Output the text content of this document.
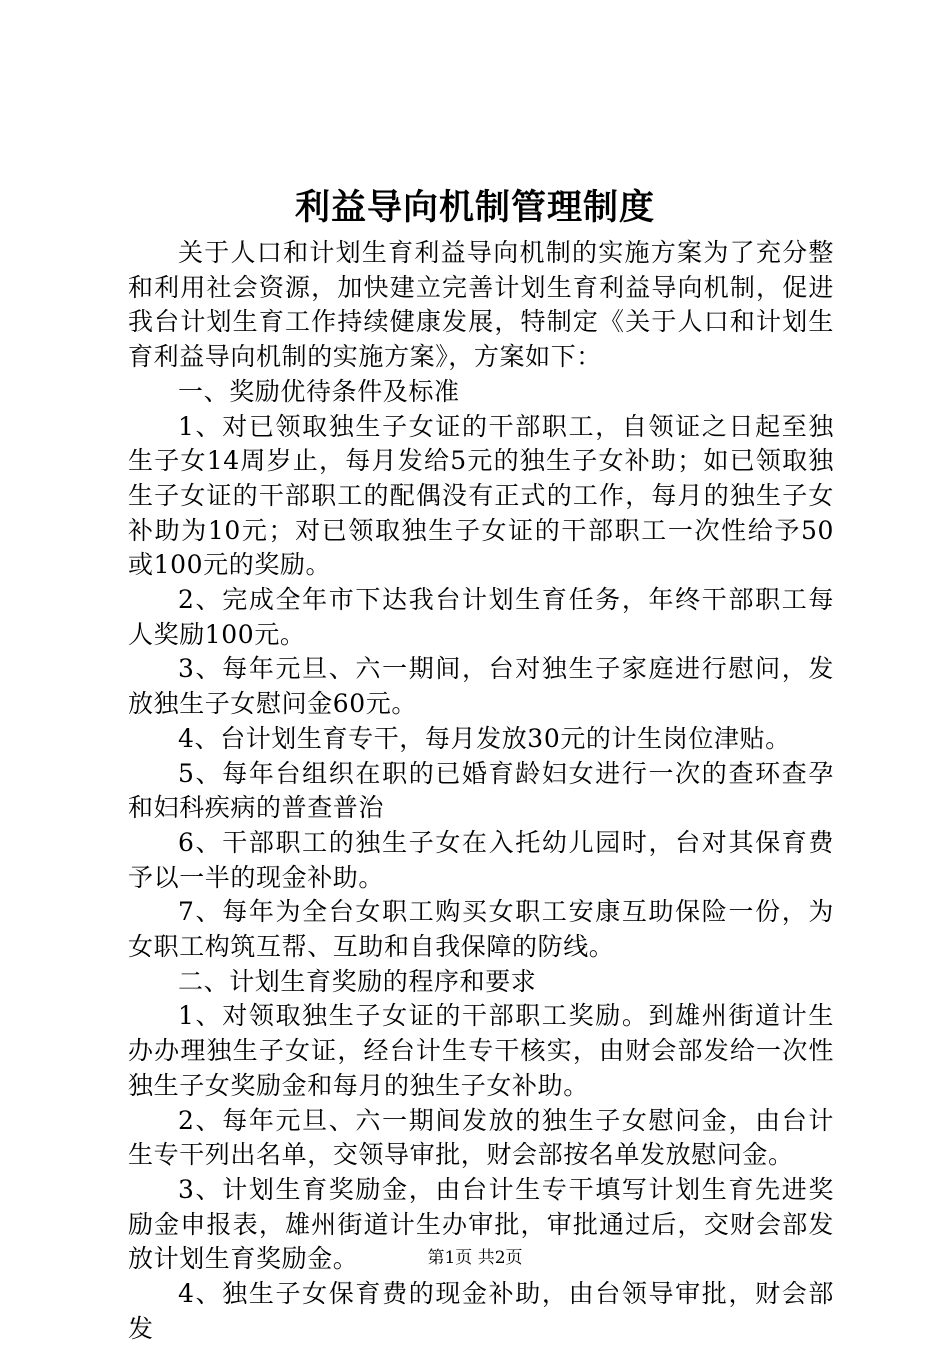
利益导向机制管理制度

关于人口和计划生育利益导向机制的实施方案为了充分整和利用社会资源，加快建立完善计划生育利益导向机制，促进我台计划生育工作持续健康发展，特制定《关于人口和计划生育利益导向机制的实施方案》，方案如下：

一、奖励优待条件及标准

1、对已领取独生子女证的干部职工，自领证之日起至独生子女14周岁止，每月发给5元的独生子女补助；如已领取独生子女证的干部职工的配偶没有正式的工作，每月的独生子女补助为10元；对已领取独生子女证的干部职工一次性给予50或100元的奖励。

2、完成全年市下达我台计划生育任务，年终干部职工每人奖励100元。

3、每年元旦、六一期间，台对独生子家庭进行慰问，发放独生子女慰问金60元。

4、台计划生育专干，每月发放30元的计生岗位津贴。

5、每年台组织在职的已婚育龄妇女进行一次的查环查孕和妇科疾病的普查普治

6、干部职工的独生子女在入托幼儿园时，台对其保育费予以一半的现金补助。

7、每年为全台女职工购买女职工安康互助保险一份，为女职工构筑互帮、互助和自我保障的防线。

二、计划生育奖励的程序和要求

1、对领取独生子女证的干部职工奖励。到雄州街道计生办办理独生子女证，经台计生专干核实，由财会部发给一次性独生子女奖励金和每月的独生子女补助。

2、每年元旦、六一期间发放的独生子女慰问金，由台计生专干列出名单，交领导审批，财会部按名单发放慰问金。

3、计划生育奖励金，由台计生专干填写计划生育先进奖励金申报表，雄州街道计生办审批，审批通过后，交财会部发放计划生育奖励金。

4、独生子女保育费的现金补助，由台领导审批，财会部发

第1页 共2页
